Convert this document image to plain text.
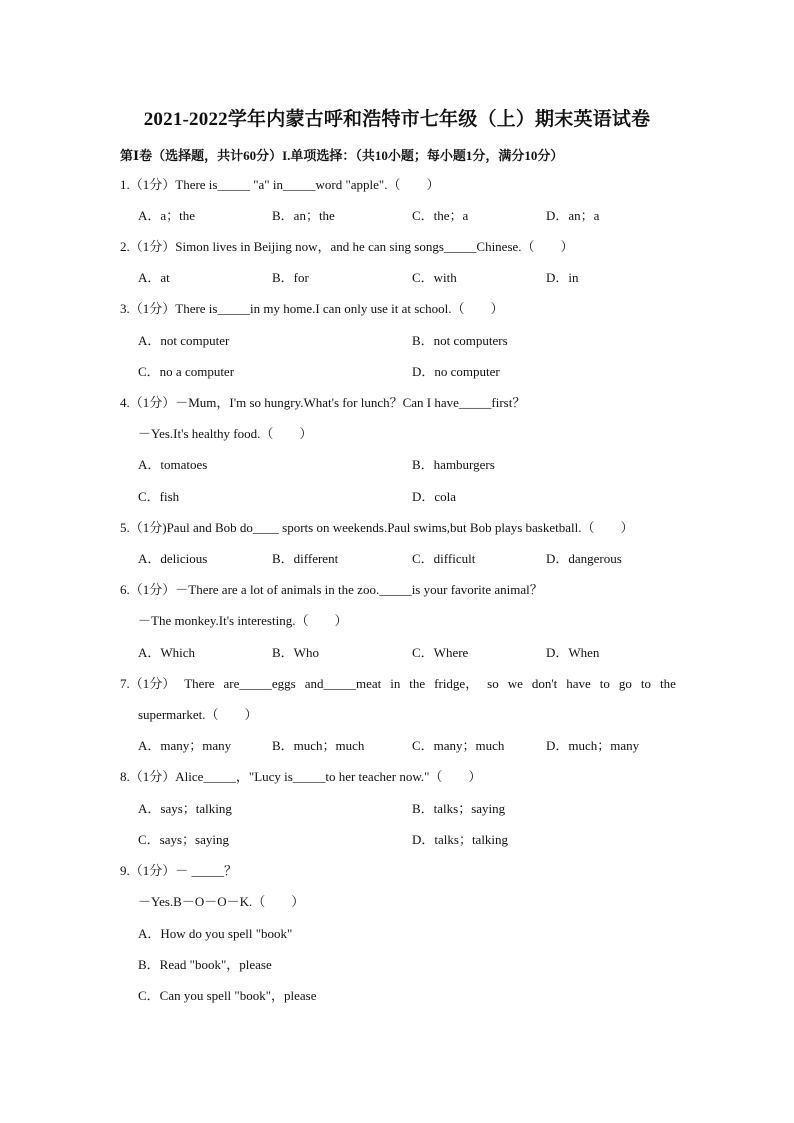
2021-2022学年内蒙古呼和浩特市七年级（上）期末英语试卷
第Ⅰ卷（选择题，共计60分）I.单项选择：（共10小题；每小题1分，满分10分）
1.（1分）There is_____ "a" in_____word "apple".（　　）
A．a；the	B．an；the	C．the；a	D．an；a
2.（1分）Simon lives in Beijing now，and he can sing songs_____Chinese.（　　）
A．at	B．for	C．with	D．in
3.（1分）There is_____in my home.I can only use it at school.（　　）
A．not computer	B．not computers
C．no a computer	D．no computer
4.（1分）－Mum，I'm so hungry.What's for lunch？Can I have_____first？
－Yes.It's healthy food.（　　）
A．tomatoes	B．hamburgers
C．fish	D．cola
5.（1分)Paul and Bob do____ sports on weekends.Paul swims,but Bob plays basketball.（　　）
A．delicious	B．different	C．difficult	D．dangerous
6.（1分）－There are a lot of animals in the zoo._____is your favorite animal？
－The monkey.It's interesting.（　　）
A．Which	B．Who	C．Where	D．When
7.（1分） There are_____eggs and_____meat in the fridge， so we don't have to go to the
supermarket.（　　）
A．many；many	B．much；much	C．many；much	D．much；many
8.（1分）Alice_____，"Lucy is_____to her teacher now."（　　）
A．says；talking	B．talks；saying
C．says；saying	D．talks；talking
9.（1分）－ _____？
－Yes.B－O－O－K.（　　）
A．How do you spell "book"
B．Read "book"，please
C．Can you spell "book"，please
